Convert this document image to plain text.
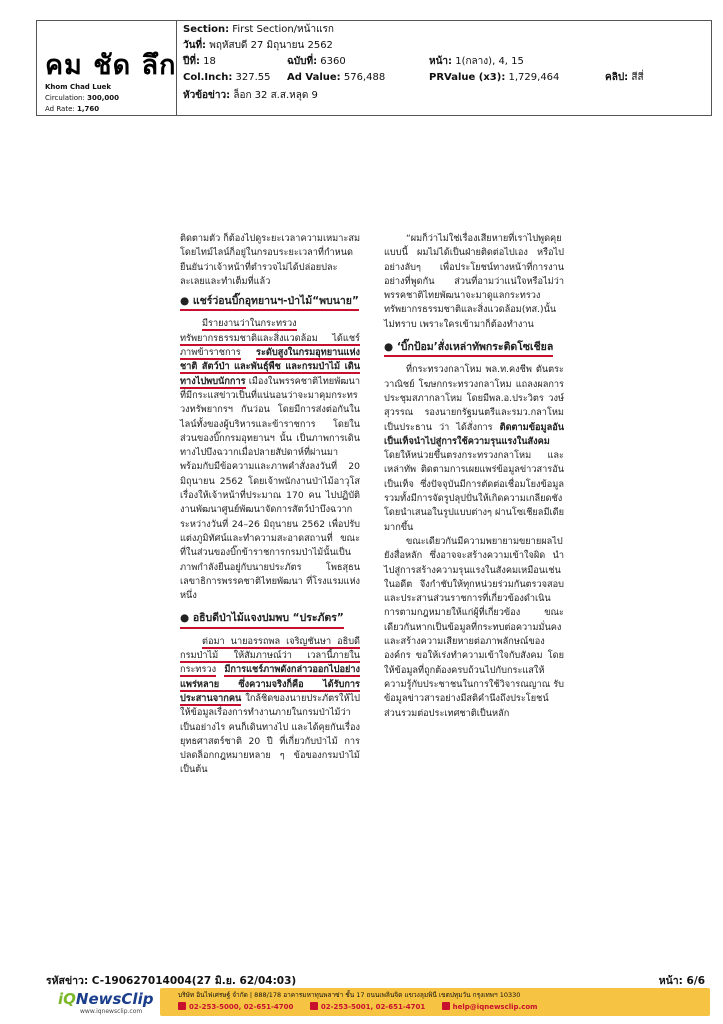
คม ชัด ลึก
Khom Chad Luek
Circulation: 300,000
Ad Rate: 1,760
Section: First Section/หน้าแรก
วันที่: พฤหัสบดี 27 มิถุนายน 2562
ปีที่: 18	ฉบับที่: 6360	หน้า: 1(กลาง), 4, 15
Col.Inch: 327.55 Ad Value: 576,488	PRValue (x3): 1,729,464	คลิป: สีสี่
หัวข้อข่าว: ล็อก 32 ส.ส.หลุด 9

ติดตามตัว ก็ต้องไปดูระยะเวลาความเหมาะสม โดยไทม์ไลน์ก็อยู่ในกรอบระยะเวลาที่กำหนด ยืนยันว่าเจ้าหน้าที่ตำรวจไม่ได้ปล่อยปละละเลยและทำเต็มที่แล้ว

● แชร์ว่อนบิ๊กอุทยานฯ-ป่าไม้“พบนาย”

มีรายงานว่าในกระทรวงทรัพยากรธรรมชาติและสิ่งแวดล้อม ได้แชร์ภาพข้าราชการ ระดับสูงในกรมอุทยานแห่งชาติ สัตว์ป่า และพันธุ์พืช และกรมป่าไม้ เดินทางไปพบนักการ เมืองในพรรคชาติไทยพัฒนา ที่มีกระแสข่าวเป็นที่แน่นอนว่าจะมาคุมกระทรวงทรัพยากรฯ กันว่อน โดยมีการส่งต่อกันในไลน์ทั้งของผู้บริหารและข้าราชการ โดยในส่วนของบิ๊กกรมอุทยานฯ นั้น เป็นภาพการเดินทางไปบึงฉวากเมื่อปลายสัปดาห์ที่ผ่านมา พร้อมกับมีข้อความและภาพคำสั่งลงวันที่ 20 มิถุนายน 2562 โดยเจ้าพนักงานป่าไม้อาวุโส เรื่องให้เจ้าหน้าที่ประมาณ 170 คน ไปปฏิบัติงานพัฒนาศูนย์พัฒนาจัดการสัตว์ป่าบึงฉวาก ระหว่างวันที่ 24–26 มิถุนายน 2562 เพื่อปรับแต่งภูมิทัศน์และทำความสะอาดสถานที่ ขณะที่ในส่วนของบิ๊กข้าราชการกรมป่าไม้นั้นเป็นภาพกำลังยืนอยู่กับนายประภัตร โพธสุธน เลขาธิการพรรคชาติไทยพัฒนา ที่โรงแรมแห่งหนึ่ง

● อธิบดีป่าไม้แจงปมพบ “ประภัตร”

ต่อมา นายอรรถพล เจริญชันษา อธิบดีกรมป่าไม้ ให้สัมภาษณ์ว่า เวลานี้ภายในกระทรวง มีการแชร์ภาพดังกล่าวออกไปอย่างแพร่หลาย ซึ่งความจริงก็คือ ได้รับการประสานจากคน ใกล้ชิดของนายประภัตรให้ไปให้ข้อมูลเรื่องการทำงานภายในกรมป่าไม้ว่าเป็นอย่างไร คนก็เดินทางไป และได้คุยกันเรื่องยุทธศาสตร์ชาติ 20 ปี ที่เกี่ยวกับป่าไม้ การปลดล็อกกฎหมายหลาย ๆ ข้อของกรมป่าไม้ เป็นต้น

“ผมก็ว่าไม่ใช่เรื่องเสียหายที่เราไปพูดคุยแบบนี้ ผมไม่ได้เป็นฝ่ายติดต่อไปเอง หรือไปอย่างลับๆ เพื่อประโยชน์ทางหน้าที่การงานอย่างที่พูดกัน ส่วนที่อามว่าแน่ใจหรือไม่ว่าพรรคชาติไทยพัฒนาจะมาดูแลกระทรวงทรัพยากรธรรมชาติและสิ่งแวดล้อม(ทส.)นั้นไม่ทราบ เพราะใครเข้ามาก็ต้องทำงาน

● ‘บิ๊กป้อม’สั่งเหล่าทัพกระติดโซเชียล

ที่กระทรวงกลาโหม พล.ท.คงชีพ ตันตระวาณิชย์ โฆษกกระทรวงกลาโหม แถลงผลการประชุมสภากลาโหม โดยมีพล.อ.ประวิตร วงษ์สุวรรณ รองนายกรัฐมนตรีและรมว.กลาโหม เป็นประธาน ว่า ได้สั่งการ ติดตามข้อมูลอันเป็นเท็จนำไปสู่การใช้ความรุนแรงในสังคม โดยให้หน่วยขึ้นตรงกระทรวงกลาโหม และเหล่าทัพ ติดตามการเผยแพร่ข้อมูลข่าวสารอันเป็นเท็จ ซึ่งปัจจุบันมีการตัดต่อเชื่อมโยงข้อมูล รวมทั้งมีการจัดรูปลุปปั่นให้เกิดความเกลียดชัง โดยนำเสนอในรูปแบบต่างๆ ผ่านโซเชียลมีเดียมากขึ้น

ขณะเดียวกันมีความพยายามขยายผลไปยังสื่อหลัก ซึ่งอาจจะสร้างความเข้าใจผิด นำไปสู่การสร้างความรุนแรงในสังคมเหมือนเช่นในอดีต จึงกำชับให้ทุกหน่วยร่วมกันตรวจสอบ และประสานส่วนราชการที่เกี่ยวข้องดำเนินการตามกฎหมายให้แก่ผู้ที่เกี่ยวข้อง ขณะเดียวกันหากเป็นข้อมูลที่กระทบต่อความมั่นคงและสร้างความเสียหายต่อภาพลักษณ์ขององค์กร ขอให้เร่งทำความเข้าใจกับสังคม โดยให้ข้อมูลที่ถูกต้องครบถ้วนไปกับกระแสให้ความรู้กับประชาชนในการใช้วิจารณญาณ รับข้อมูลข่าวสารอย่างมีสติคำนึงถึงประโยชน์ส่วนรวมต่อประเทศชาติเป็นหลัก

รหัสข่าว: C-190627014004(27 มิ.ย. 62/04:03)	หน้า: 6/6
iQNewsClip
www.iqnewsclip.com
บริษัท อินไฟเศรษฐ์ จำกัด | 888/178 อาคารมหาทุนพลาซ่า ชั้น 17 ถนนเพลินจิต แขวงลุมพินี เขตปทุมวัน กรุงเทพฯ 10330
02-253-5000, 02-651-4700	02-253-5001, 02-651-4701	help@iqnewsclip.com
